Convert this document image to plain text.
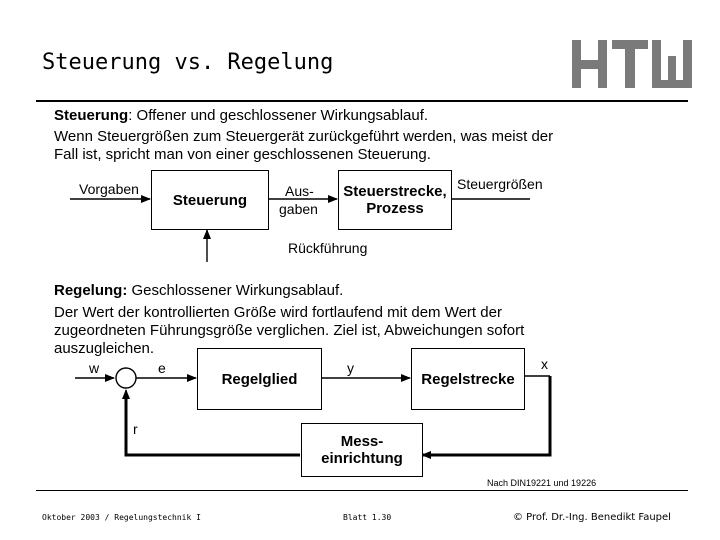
Steuerung vs. Regelung
Steuerung: Offener und geschlossener Wirkungsablauf.
Wenn Steuergrößen zum Steuergerät zurückgeführt werden, was meist der
Fall ist, spricht man von einer geschlossenen Steuerung.
Vorgaben
Steuerung
Aus-
gaben
Steuerstrecke,
Prozess
Steuergrößen
Rückführung
Regelung: Geschlossener Wirkungsablauf.
Der Wert der kontrollierten Größe wird fortlaufend mit dem Wert der
zugeordneten Führungsgröße verglichen. Ziel ist, Abweichungen sofort
auszugleichen.
w	e
Regelglied
y
Regelstrecke
x
r
Mess-
einrichtung
Nach DIN19221 und 19226
Oktober 2003 / Regelungstechnik I	Blatt 1.30	© Prof. Dr.-Ing. Benedikt Faupel
